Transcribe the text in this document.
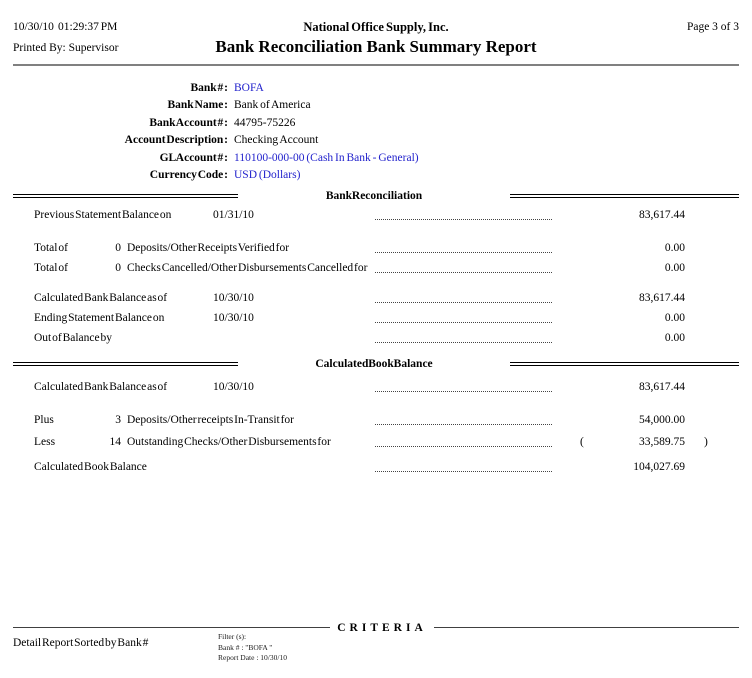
10/30/10 01:29:37 PM	National Office Supply, Inc.	Page 3 of 3
Printed By: Supervisor	Bank Reconciliation Bank Summary Report
Bank # : BOFA
Bank Name : Bank of America
Bank Account # : 44795-75226
Account Description : Checking Account
GL Account # : 110100-000-00 (Cash In Bank - General)
Currency Code : USD (Dollars)
Bank Reconciliation
Previous Statement Balance on	01/31/10	83,617.44
Total of	0 Deposits/Other Receipts Verified for	0.00
Total of	0 Checks Cancelled/Other Disbursements Cancelled for	0.00
Calculated Bank Balance as of	10/30/10	83,617.44
Ending Statement Balance on	10/30/10	0.00
Out of Balance by	0.00
Calculated Book Balance
Calculated Bank Balance as of	10/30/10	83,617.44
Plus	3 Deposits/Other receipts In-Transit for	54,000.00
Less	14 Outstanding Checks/Other Disbursements for	(	33,589.75 )
Calculated Book Balance	104,027.69
CRITERIA
Detail Report Sorted by Bank #
Filter (s):
Bank # : "BOFA "
Report Date : 10/30/10
